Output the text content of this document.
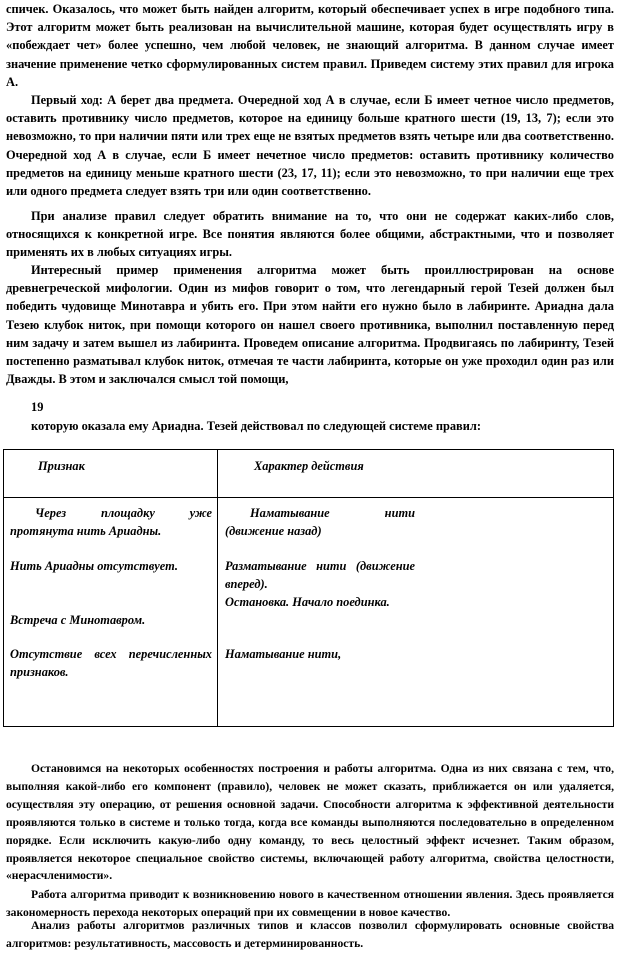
спичек. Оказалось, что может быть найден алгоритм, который обеспечивает успех в игре подобного типа. Этот алгоритм может быть реализован на вычислительной машине, которая будет осуществлять игру в «побеждает чет» более успешно, чем любой человек, не знающий алгоритма. В данном случае имеет значение применение четко сформулированных систем правил. Приведем систему этих правил для игрока А.

Первый ход: А берет два предмета. Очередной ход А в случае, если Б имеет четное число предметов, оставить противнику число предметов, которое на единицу больше кратного шести (19, 13, 7); если это невозможно, то при наличии пяти или трех еще не взятых предметов взять четыре или два соответственно. Очередной ход А в случае, если Б имеет нечетное число предметов: оставить противнику количество предметов на единицу меньше кратного шести (23, 17, 11); если это невозможно, то при наличии еще трех или одного предмета следует взять три или один соответственно.

При анализе правил следует обратить внимание на то, что они не содержат каких-либо слов, относящихся к конкретной игре. Все понятия являются более общими, абстрактными, что и позволяет применять их в любых ситуациях игры.

Интересный пример применения алгоритма может быть проиллюстрирован на основе древнегреческой мифологии. Один из мифов говорит о том, что легендарный герой Тезей должен был победить чудовище Минотавра и убить его. При этом найти его нужно было в лабиринте. Ариадна дала Тезею клубок ниток, при помощи которого он нашел своего противника, выполнил поставленную перед ним задачу и затем вышел из лабиринта. Проведем описание алгоритма. Продвигаясь по лабиринту, Тезей постепенно разматывал клубок ниток, отмечая те части лабиринта, которые он уже проходил один раз или Дважды. В этом и заключался смысл той помощи,

19

которую оказала ему Ариадна. Тезей действовал по следующей системе правил:

Признак	Характер действия

Через площадку уже протянута нить Ариадны.

Наматывание нити (движение назад)

Нить Ариадны отсутствует.	Разматывание нити (движение вперед).

Встреча с Минотавром.

Остановка. Начало поединка.

Отсутствие всех перечисленных признаков.

Наматывание нити,

Остановимся на некоторых особенностях построения и работы алгоритма. Одна из них связана с тем, что, выполняя какой-либо его компонент (правило), человек не может сказать, приближается он или удаляется, осуществляя эту операцию, от решения основной задачи. Способности алгоритма к эффективной деятельности проявляются только в системе и только тогда, когда все команды выполняются последовательно в определенном порядке. Если исключить какую-либо одну команду, то весь целостный эффект исчезнет. Таким образом, проявляется некоторое специальное свойство системы, включающей работу алгоритма, свойства целостности, «нерасчленимости».

Работа алгоритма приводит к возникновению нового в качественном отношении явления. Здесь проявляется закономерность перехода некоторых операций при их совмещении в новое качество.

Анализ работы алгоритмов различных типов и классов позволил сформулировать основные свойства алгоритмов: результативность, массовость и детерминированность.
